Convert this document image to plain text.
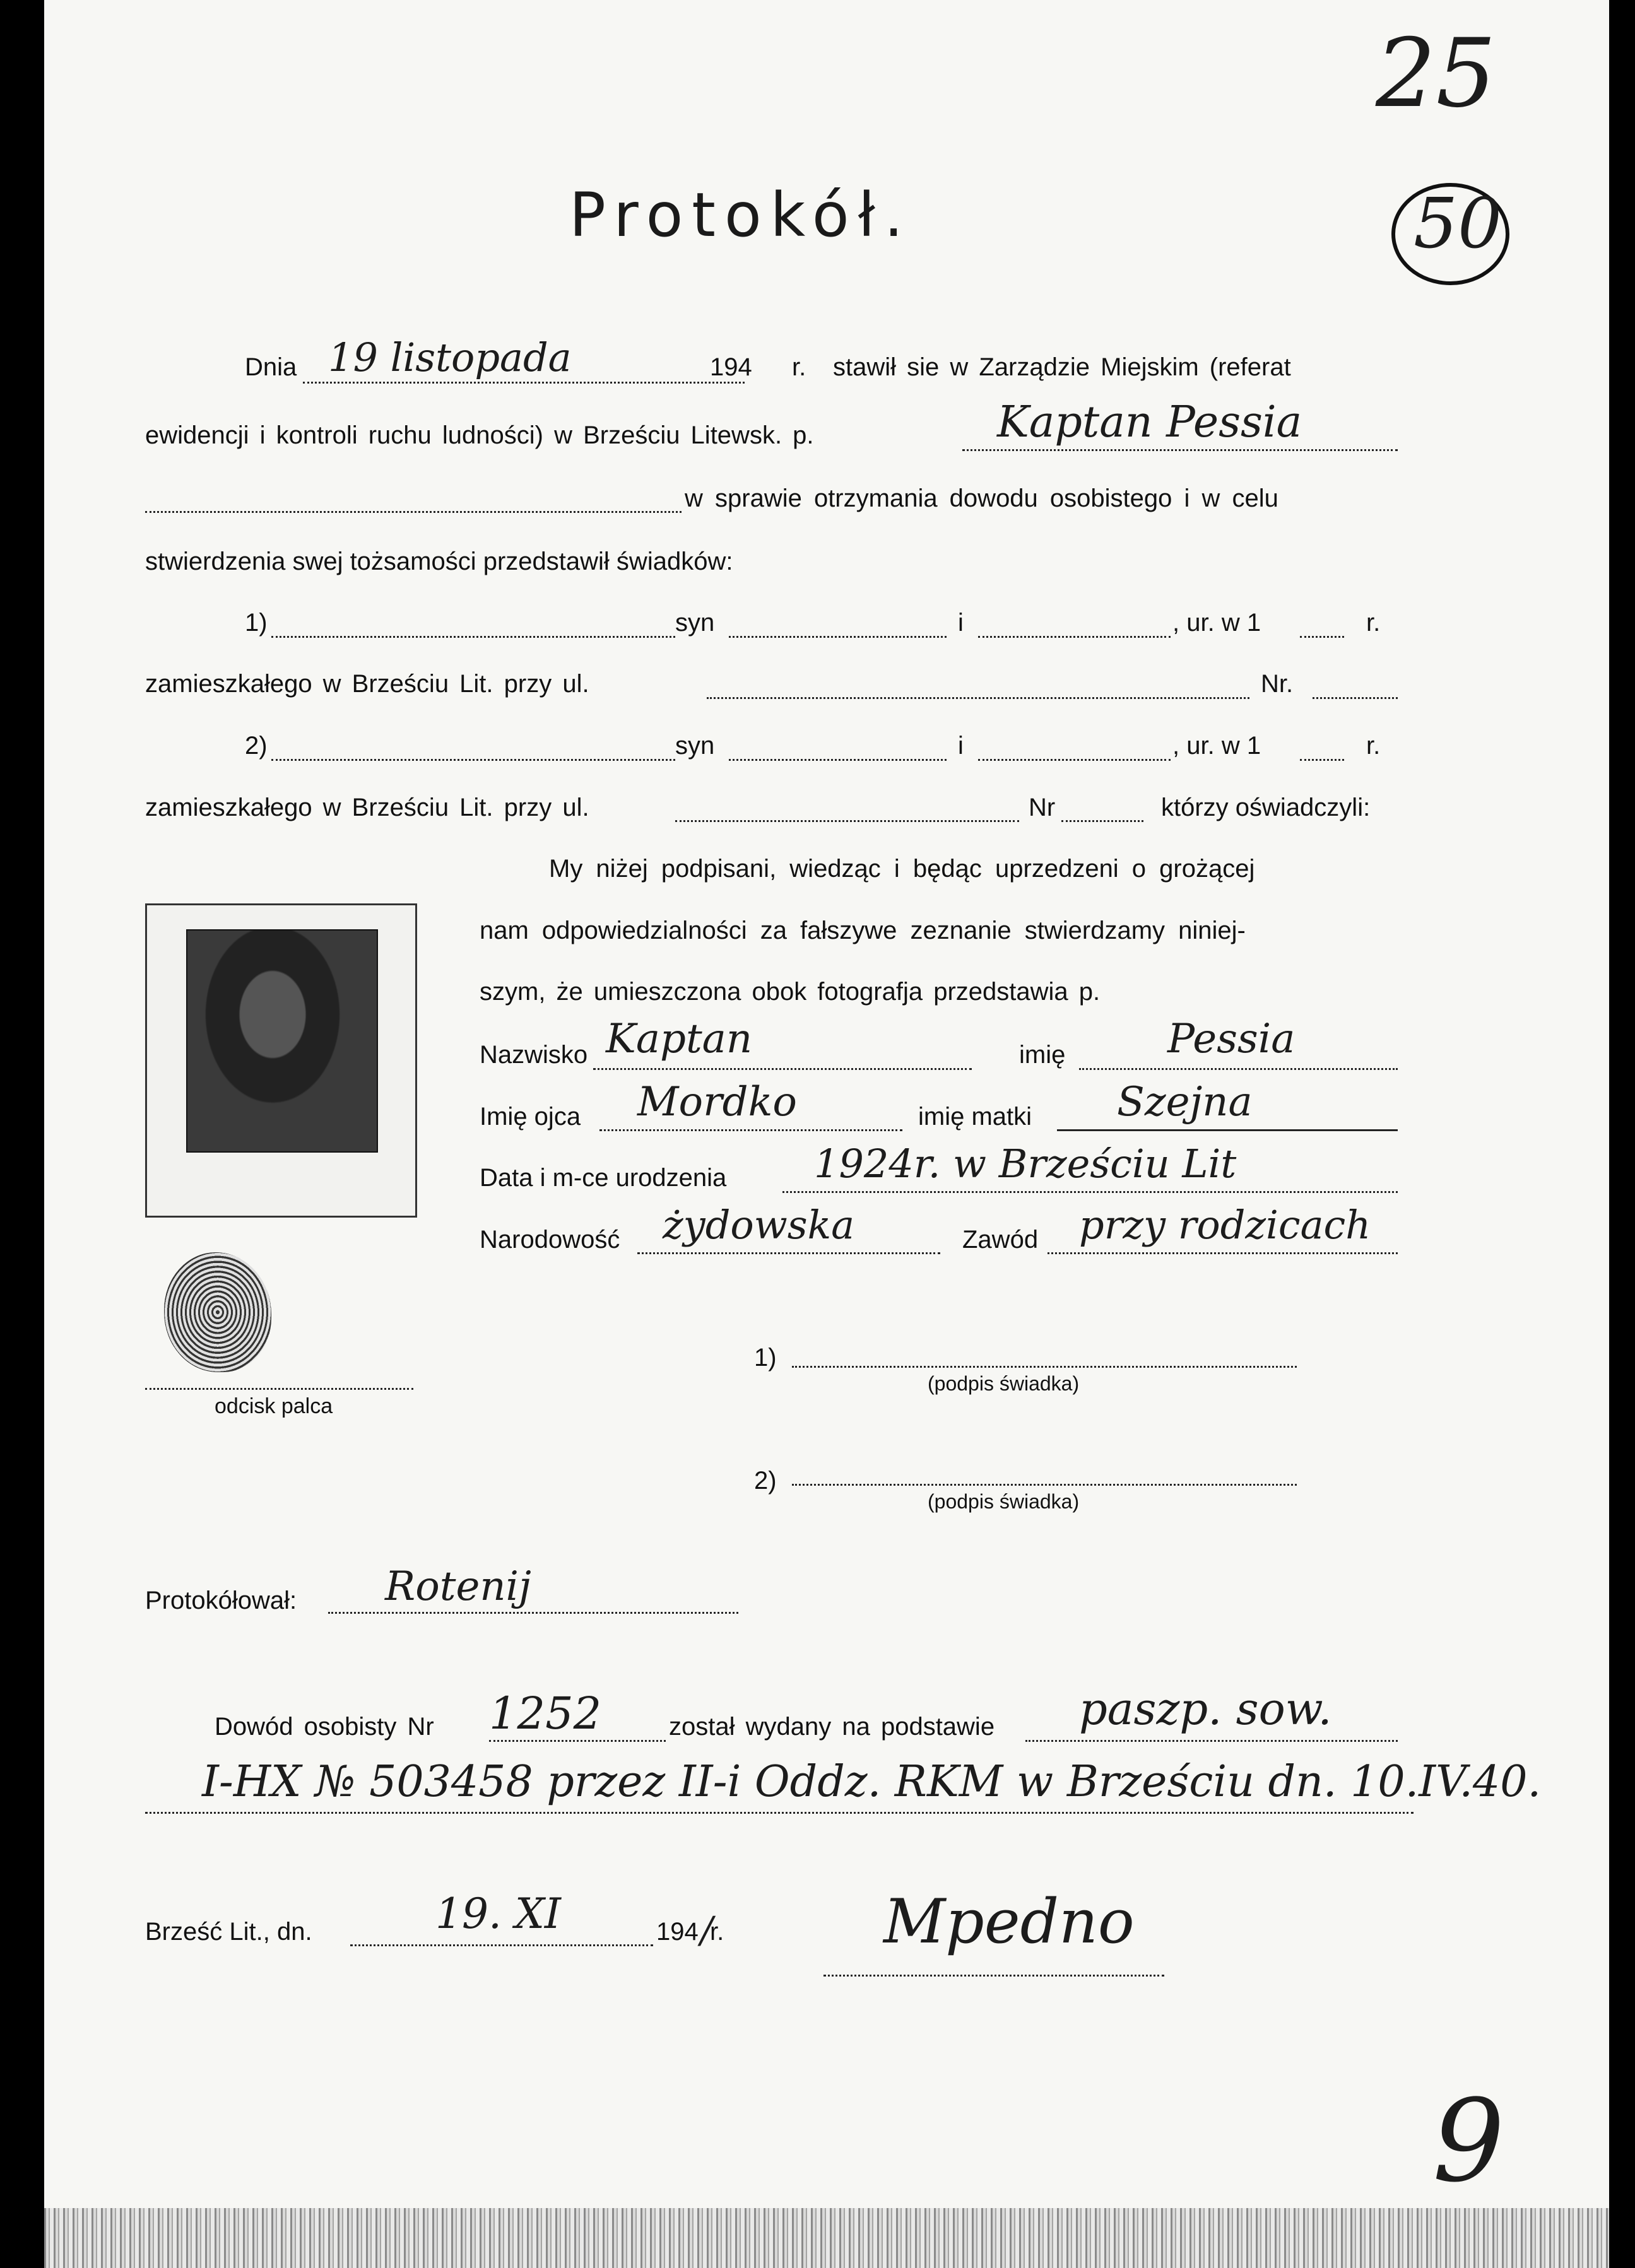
25
50
Protokół.
Dnia 19 listopada	194 r. stawił sie w Zarządzie Miejskim (referat
ewidencji i kontroli ruchu ludności) w Brześciu Litewsk. p.	Kaptan Pessia
w sprawie otrzymania dowodu osobistego i w celu
stwierdzenia swej tożsamości przedstawił świadków:
1)	syn	i	, ur. w 1	r.
zamieszkałego w Brześciu Lit. przy ul.	Nr.
2)	syn	i	, ur. w 1	r.
zamieszkałego w Brześciu Lit. przy ul.	Nr	którzy oświadczyli:
My niżej podpisani, wiedząc i będąc uprzedzeni o grożącej
nam odpowiedzialności za fałszywe zeznanie stwierdzamy niniej-
szym, że umieszczona obok fotografja przedstawia p.
Nazwisko Kaptan	imię	Pessia
Imię ojca Mordko	imię matki Szejna
Data i m-ce urodzenia 1924r. w Brześciu Lit
Narodowość żydowska	Zawód przy rodzicach
odcisk palca
1)
(podpis świadka)
2)
(podpis świadka)
Protokółował: Rotenij
Dowód osobisty Nr 1252	został wydany na podstawie paszp. sow.
I-HX № 503458 przez II-i Oddz. RKM w Brześciu dn. 10.IV.40.
Brześć Lit., dn.	19. XI	194 /
r.	Mpedno
9
